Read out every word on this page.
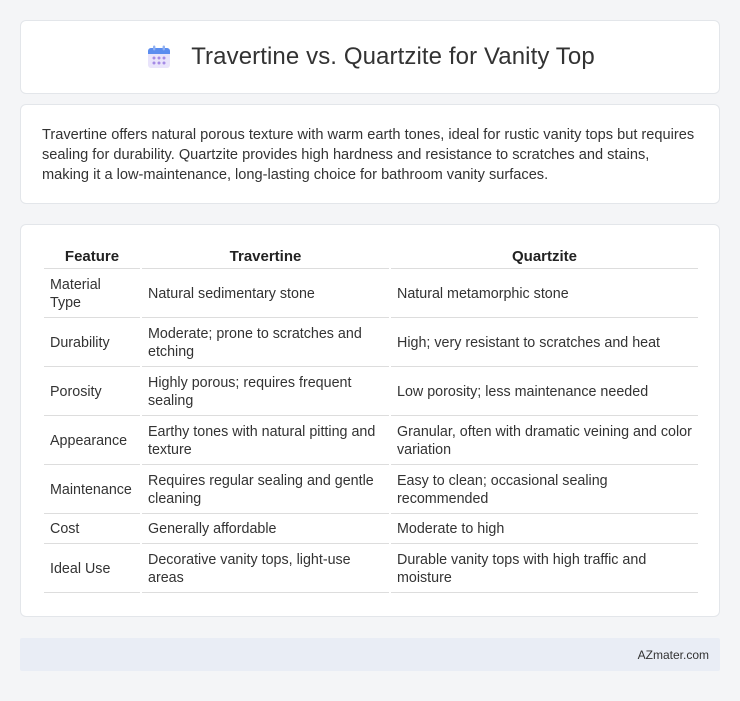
Travertine vs. Quartzite for Vanity Top

Travertine offers natural porous texture with warm earth tones, ideal for rustic vanity tops but requires sealing for durability. Quartzite provides high hardness and resistance to scratches and stains, making it a low-maintenance, long-lasting choice for bathroom vanity surfaces.

Feature	Travertine	Quartzite
Material Type	Natural sedimentary stone	Natural metamorphic stone
Durability	Moderate; prone to scratches and etching	High; very resistant to scratches and heat
Porosity	Highly porous; requires frequent sealing	Low porosity; less maintenance needed
Appearance	Earthy tones with natural pitting and texture	Granular, often with dramatic veining and color variation
Maintenance	Requires regular sealing and gentle cleaning	Easy to clean; occasional sealing recommended
Cost	Generally affordable	Moderate to high
Ideal Use	Decorative vanity tops, light-use areas	Durable vanity tops with high traffic and moisture
AZmater.com
